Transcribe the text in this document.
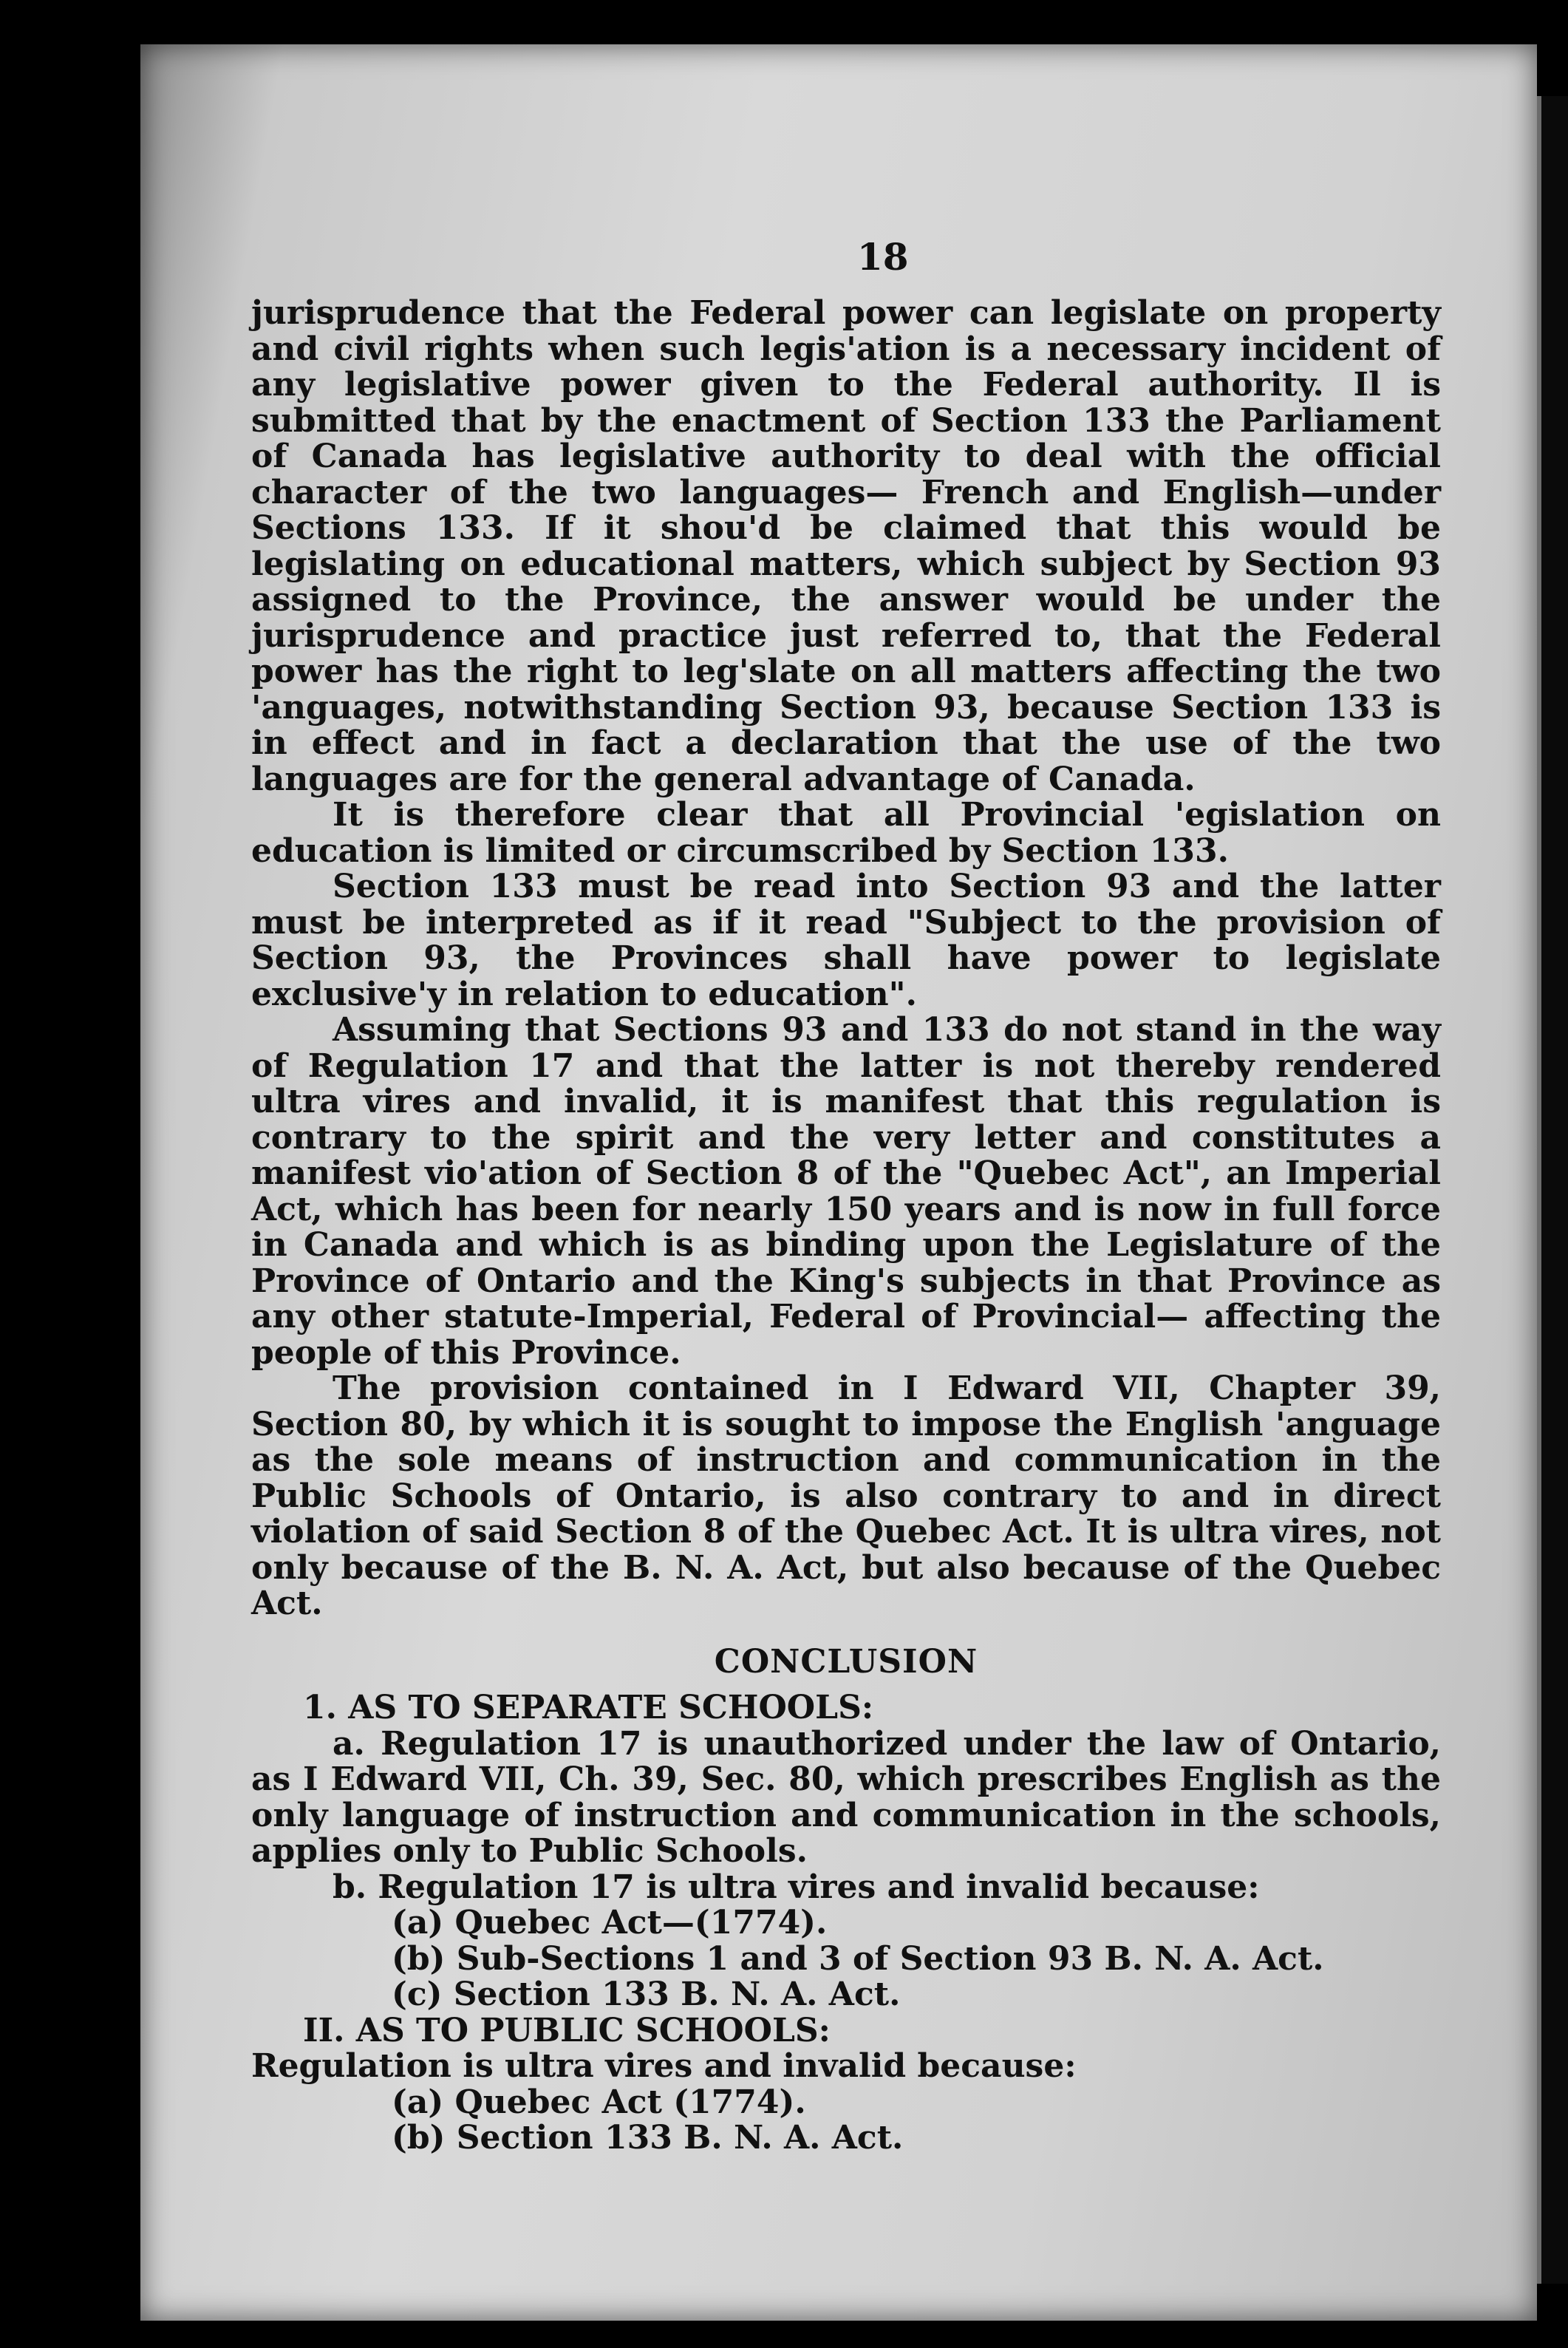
18

jurisprudence that the Federal power can legislate on property and civil rights when such legis'ation is a necessary incident of any legislative power given to the Federal authority. Il is submitted that by the enactment of Section 133 the Parliament of Canada has legislative authority to deal with the official character of the two languages— French and English—under Sections 133. If it shou'd be claimed that this would be legislating on educational matters, which subject by Section 93 assigned to the Province, the answer would be under the jurisprudence and practice just referred to, that the Federal power has the right to leg'slate on all matters affecting the two 'anguages, notwithstanding Section 93, because Section 133 is in effect and in fact a declaration that the use of the two languages are for the general advantage of Canada.

It is therefore clear that all Provincial 'egislation on education is limited or circumscribed by Section 133.

Section 133 must be read into Section 93 and the latter must be interpreted as if it read "Subject to the provision of Section 93, the Provinces shall have power to legislate exclusive'y in relation to education".

Assuming that Sections 93 and 133 do not stand in the way of Regulation 17 and that the latter is not thereby rendered ultra vires and invalid, it is manifest that this regulation is contrary to the spirit and the very letter and constitutes a manifest vio'ation of Section 8 of the "Quebec Act", an Imperial Act, which has been for nearly 150 years and is now in full force in Canada and which is as binding upon the Legislature of the Province of Ontario and the King's subjects in that Province as any other statute-Imperial, Federal of Provincial— affecting the people of this Province.

The provision contained in I Edward VII, Chapter 39, Section 80, by which it is sought to impose the English 'anguage as the sole means of instruction and communication in the Public Schools of Ontario, is also contrary to and in direct violation of said Section 8 of the Quebec Act. It is ultra vires, not only because of the B. N. A. Act, but also because of the Quebec Act.

CONCLUSION

1. AS TO SEPARATE SCHOOLS:

a. Regulation 17 is unauthorized under the law of Ontario, as I Edward VII, Ch. 39, Sec. 80, which prescribes English as the only language of instruction and communication in the schools, applies only to Public Schools.

b. Regulation 17 is ultra vires and invalid because:

(a) Quebec Act—(1774).

(b) Sub-Sections 1 and 3 of Section 93 B. N. A. Act.

(c) Section 133 B. N. A. Act.

II. AS TO PUBLIC SCHOOLS:

Regulation is ultra vires and invalid because:

(a) Quebec Act (1774).

(b) Section 133 B. N. A. Act.
